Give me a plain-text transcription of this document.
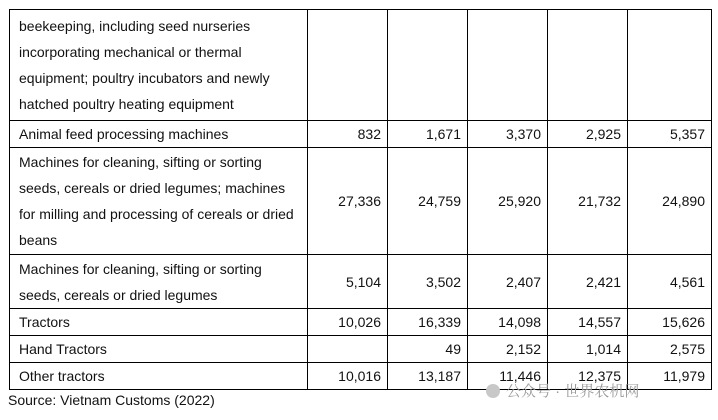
beekeeping, including seed nurseries incorporating mechanical or thermal equipment; poultry incubators and newly hatched poultry heating equipment					
Animal feed processing machines	832	1,671	3,370	2,925	5,357
Machines for cleaning, sifting or sorting seeds, cereals or dried legumes; machines for milling and processing of cereals or dried beans	27,336	24,759	25,920	21,732	24,890
Machines for cleaning, sifting or sorting seeds, cereals or dried legumes	5,104	3,502	2,407	2,421	4,561
Tractors	10,026	16,339	14,098	14,557	15,626
Hand Tractors		49	2,152	1,014	2,575
Other tractors	10,016	13,187	11,446	12,375	11,979
Source: Vietnam Customs (2022)	公众号 · 世界农机网
